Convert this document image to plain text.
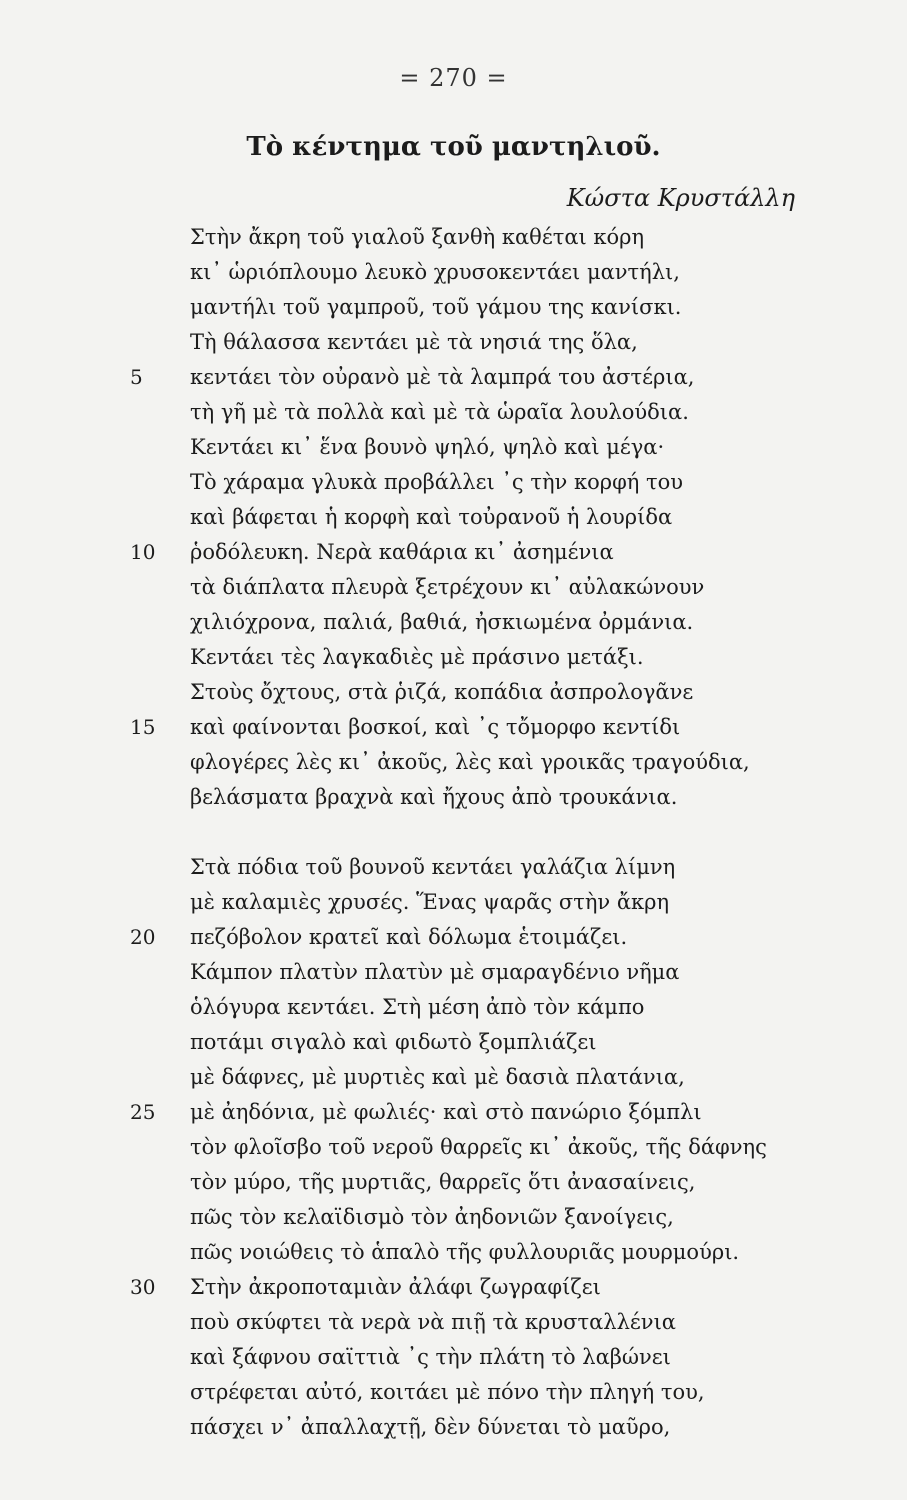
= 270 =
Τὸ κέντημα τοῦ μαντηλιοῦ.
Κώστα Κρυστάλλη
Στὴν ἄκρη τοῦ γιαλοῦ ξανθὴ καθέται κόρη
κι᾿ ὡριόπλουμο λευκὸ χρυσοκεντάει μαντήλι,
μαντήλι τοῦ γαμπροῦ, τοῦ γάμου της κανίσκι.
Τὴ θάλασσα κεντάει μὲ τὰ νησιά της ὅλα,
5	κεντάει τὸν οὐρανὸ μὲ τὰ λαμπρά του ἀστέρια,
τὴ γῆ μὲ τὰ πολλὰ καὶ μὲ τὰ ὡραῖα λουλούδια.
Κεντάει κι᾿ ἕνα βουνὸ ψηλό, ψηλὸ καὶ μέγα·
Τὸ χάραμα γλυκὰ προβάλλει ᾿ς τὴν κορφή του
καὶ βάφεται ἡ κορφὴ καὶ τοὐρανοῦ ἡ λουρίδα
10	ῥοδόλευκη. Νερὰ καθάρια κι᾿ ἀσημένια
τὰ διάπλατα πλευρὰ ξετρέχουν κι᾿ αὐλακώνουν
χιλιόχρονα, παλιά, βαθιά, ἠσκιωμένα ὀρμάνια.
Κεντάει τὲς λαγκαδιὲς μὲ πράσινο μετάξι.
Στοὺς ὄχτους, στὰ ῥιζά, κοπάδια ἀσπρολογᾶνε
15	καὶ φαίνονται βοσκοί, καὶ ᾿ς τὄμορφο κεντίδι
φλογέρες λὲς κι᾿ ἀκοῦς, λὲς καὶ γροικᾶς τραγούδια,
βελάσματα βραχνὰ καὶ ἤχους ἀπὸ τρουκάνια.
Στὰ πόδια τοῦ βουνοῦ κεντάει γαλάζια λίμνη
μὲ καλαμιὲς χρυσές. Ἕνας ψαρᾶς στὴν ἄκρη
20	πεζόβολον κρατεῖ καὶ δόλωμα ἑτοιμάζει.
Κάμπον πλατὺν πλατὺν μὲ σμαραγδένιο νῆμα
ὁλόγυρα κεντάει. Στὴ μέση ἀπὸ τὸν κάμπο
ποτάμι σιγαλὸ καὶ φιδωτὸ ξομπλιάζει
μὲ δάφνες, μὲ μυρτιὲς καὶ μὲ δασιὰ πλατάνια,
25	μὲ ἀηδόνια, μὲ φωλιές· καὶ στὸ πανώριο ξόμπλι
τὸν φλοῖσβο τοῦ νεροῦ θαρρεῖς κι᾿ ἀκοῦς, τῆς δάφνης
τὸν μύρο, τῆς μυρτιᾶς, θαρρεῖς ὅτι ἀνασαίνεις,
πῶς τὸν κελαϊδισμὸ τὸν ἀηδονιῶν ξανοίγεις,
πῶς νοιώθεις τὸ ἁπαλὸ τῆς φυλλουριᾶς μουρμούρι.
30	Στὴν ἀκροποταμιὰν ἀλάφι ζωγραφίζει
ποὺ σκύφτει τὰ νερὰ νὰ πιῇ τὰ κρυσταλλένια
καὶ ξάφνου σαϊττιὰ ᾿ς τὴν πλάτη τὸ λαβώνει
στρέφεται αὐτό, κοιτάει μὲ πόνο τὴν πληγή του,
πάσχει ν᾿ ἀπαλλαχτῇ, δὲν δύνεται τὸ μαῦρο,
